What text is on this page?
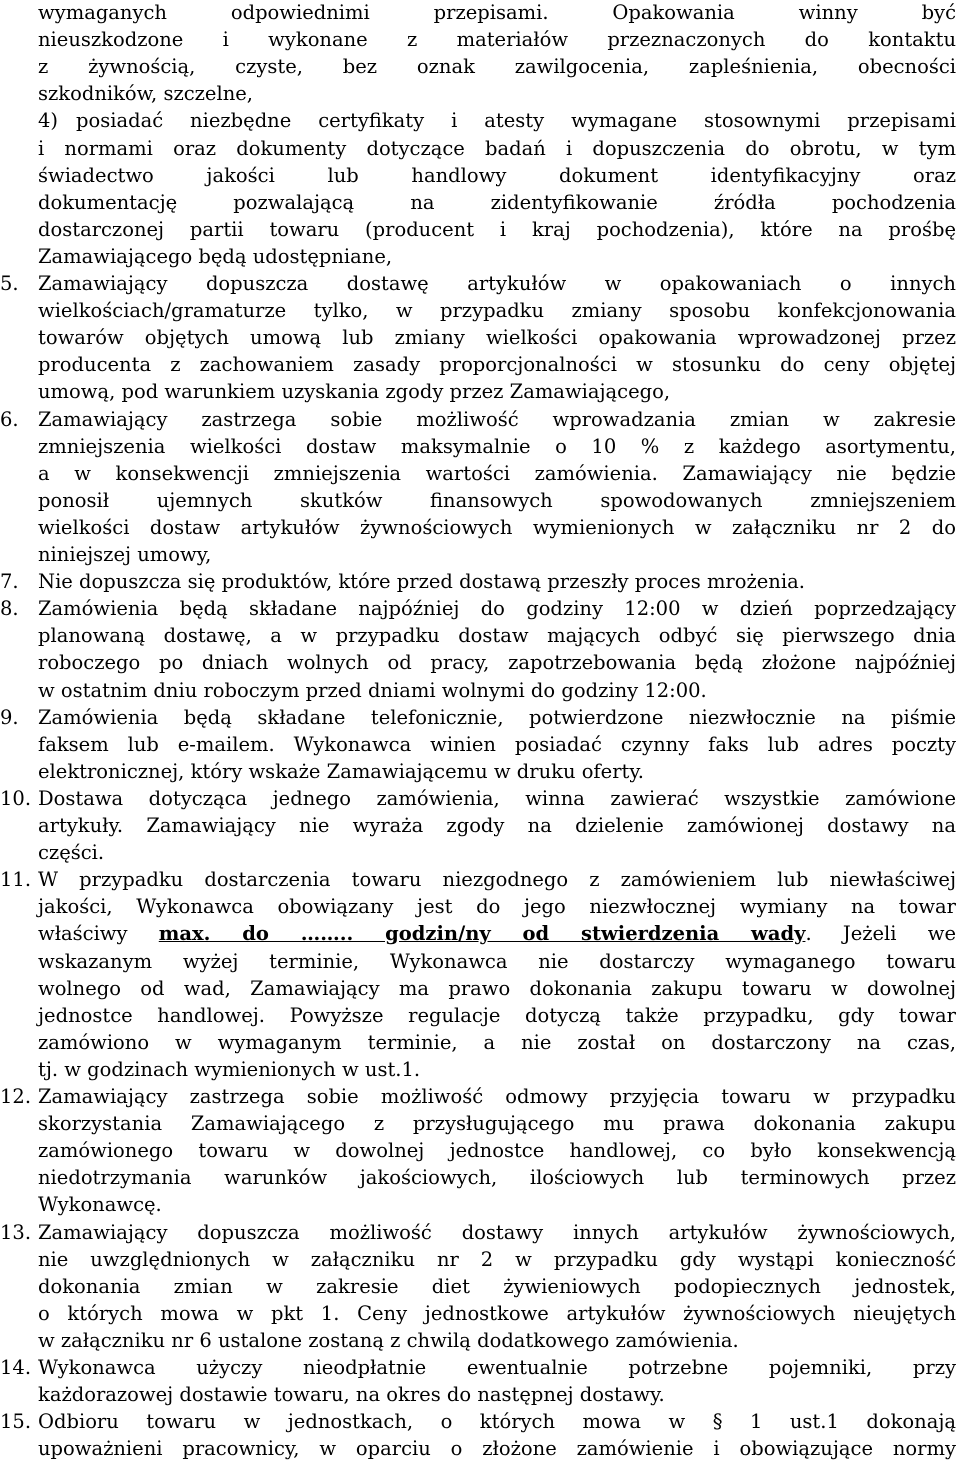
wymaganych odpowiednimi przepisami. Opakowania winny być
nieuszkodzone i wykonane z materiałów przeznaczonych do kontaktu
z żywnością, czyste, bez oznak zawilgocenia, zapleśnienia, obecności
szkodników, szczelne,
4) posiadać niezbędne certyfikaty i atesty wymagane stosownymi przepisami
i normami oraz dokumenty dotyczące badań i dopuszczenia do obrotu, w tym
świadectwo jakości lub handlowy dokument identyfikacyjny oraz
dokumentację pozwalającą na zidentyfikowanie źródła pochodzenia
dostarczonej partii towaru (producent i kraj pochodzenia), które na prośbę
Zamawiającego będą udostępniane,
5. Zamawiający dopuszcza dostawę artykułów w opakowaniach o innych
wielkościach/gramaturze tylko, w przypadku zmiany sposobu konfekcjonowania
towarów objętych umową lub zmiany wielkości opakowania wprowadzonej przez
producenta z zachowaniem zasady proporcjonalności w stosunku do ceny objętej
umową, pod warunkiem uzyskania zgody przez Zamawiającego,
6. Zamawiający zastrzega sobie możliwość wprowadzania zmian w zakresie
zmniejszenia wielkości dostaw maksymalnie o 10 % z każdego asortymentu,
a w konsekwencji zmniejszenia wartości zamówienia. Zamawiający nie będzie
ponosił ujemnych skutków finansowych spowodowanych zmniejszeniem
wielkości dostaw artykułów żywnościowych wymienionych w załączniku nr 2 do
niniejszej umowy,
7. Nie dopuszcza się produktów, które przed dostawą przeszły proces mrożenia.
8. Zamówienia będą składane najpóźniej do godziny 12:00 w dzień poprzedzający
planowaną dostawę, a w przypadku dostaw mających odbyć się pierwszego dnia
roboczego po dniach wolnych od pracy, zapotrzebowania będą złożone najpóźniej
w ostatnim dniu roboczym przed dniami wolnymi do godziny 12:00.
9. Zamówienia będą składane telefonicznie, potwierdzone niezwłocznie na piśmie
faksem lub e-mailem. Wykonawca winien posiadać czynny faks lub adres poczty
elektronicznej, który wskaże Zamawiającemu w druku oferty.
10. Dostawa dotycząca jednego zamówienia, winna zawierać wszystkie zamówione
artykuły. Zamawiający nie wyraża zgody na dzielenie zamówionej dostawy na
części.
11. W przypadku dostarczenia towaru niezgodnego z zamówieniem lub niewłaściwej
jakości, Wykonawca obowiązany jest do jego niezwłocznej wymiany na towar
właściwy max. do …….. godzin/ny od stwierdzenia wady. Jeżeli we
wskazanym wyżej terminie, Wykonawca nie dostarczy wymaganego towaru
wolnego od wad, Zamawiający ma prawo dokonania zakupu towaru w dowolnej
jednostce handlowej. Powyższe regulacje dotyczą także przypadku, gdy towar
zamówiono w wymaganym terminie, a nie został on dostarczony na czas,
tj. w godzinach wymienionych w ust.1.
12. Zamawiający zastrzega sobie możliwość odmowy przyjęcia towaru w przypadku
skorzystania Zamawiającego z przysługującego mu prawa dokonania zakupu
zamówionego towaru w dowolnej jednostce handlowej, co było konsekwencją
niedotrzymania warunków jakościowych, ilościowych lub terminowych przez
Wykonawcę.
13. Zamawiający dopuszcza możliwość dostawy innych artykułów żywnościowych,
nie uwzględnionych w załączniku nr 2 w przypadku gdy wystąpi konieczność
dokonania zmian w zakresie diet żywieniowych podopiecznych jednostek,
o których mowa w pkt 1. Ceny jednostkowe artykułów żywnościowych nieujętych
w załączniku nr 6 ustalone zostaną z chwilą dodatkowego zamówienia.
14. Wykonawca użyczy nieodpłatnie ewentualnie potrzebne pojemniki, przy
każdorazowej dostawie towaru, na okres do następnej dostawy.
15. Odbioru towaru w jednostkach, o których mowa w § 1 ust.1 dokonają
upoważnieni pracownicy, w oparciu o złożone zamówienie i obowiązujące normy
